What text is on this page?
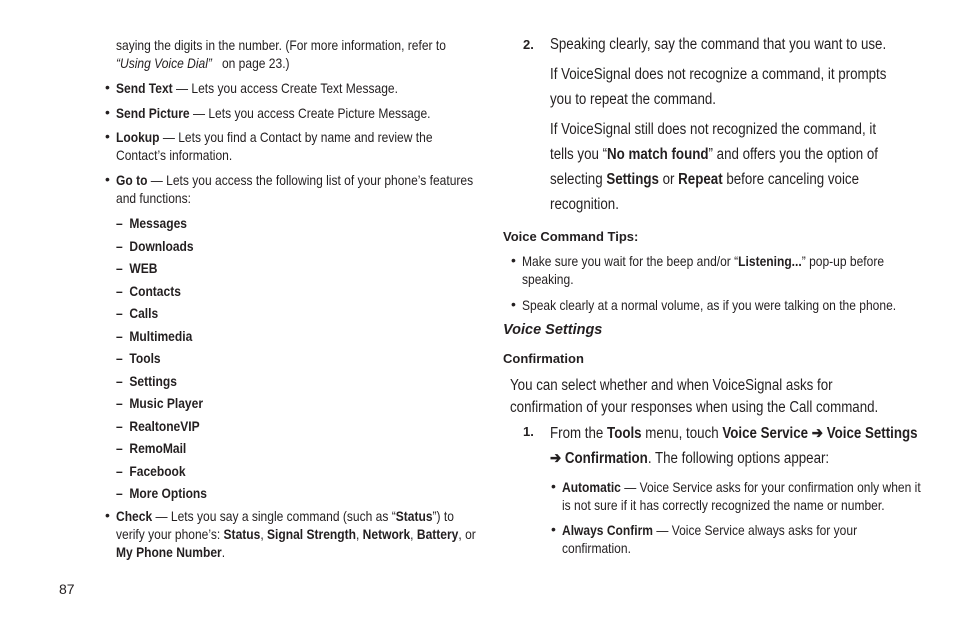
saying the digits in the number. (For more information, refer to
“Using Voice Dial” on page 23.)
• Send Text — Lets you access Create Text Message.
• Send Picture — Lets you access Create Picture Message.
• Lookup — Lets you find a Contact by name and review the
Contact’s information.
• Go to — Lets you access the following list of your phone’s features
and functions:
–  Messages
–  Downloads
–  WEB
–  Contacts
–  Calls
–  Multimedia
–  Tools
–  Settings
–  Music Player
–  RealtoneVIP
–  RemoMail
–  Facebook
–  More Options
• Check — Lets you say a single command (such as “Status”) to
verify your phone’s: Status, Signal Strength, Network, Battery, or
My Phone Number.
87
2. Speaking clearly, say the command that you want to use.
If VoiceSignal does not recognize a command, it prompts
you to repeat the command.
If VoiceSignal still does not recognized the command, it
tells you “No match found” and offers you the option of
selecting Settings or Repeat before canceling voice
recognition.
Voice Command Tips:
• Make sure you wait for the beep and/or “Listening...” pop-up before
speaking.
• Speak clearly at a normal volume, as if you were talking on the phone.
Voice Settings
Confirmation
You can select whether and when VoiceSignal asks for
confirmation of your responses when using the Call command.
1. From the Tools menu, touch Voice Service ➔ Voice Settings
➔ Confirmation. The following options appear:
• Automatic — Voice Service asks for your confirmation only when it
is not sure if it has correctly recognized the name or number.
• Always Confirm — Voice Service always asks for your
confirmation.
